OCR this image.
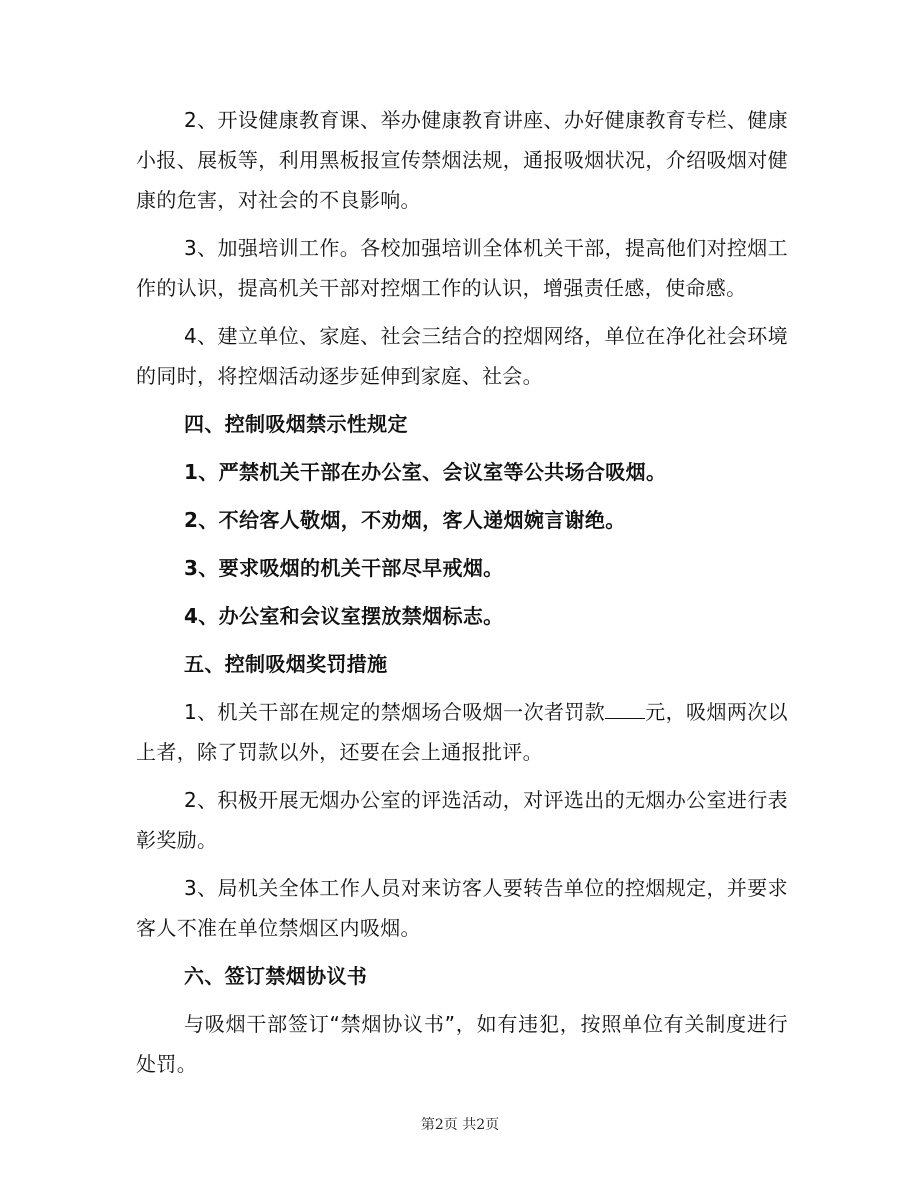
2、开设健康教育课、举办健康教育讲座、办好健康教育专栏、健康小报、展板等，利用黑板报宣传禁烟法规，通报吸烟状况，介绍吸烟对健康的危害，对社会的不良影响。

3、加强培训工作。各校加强培训全体机关干部，提高他们对控烟工作的认识，提高机关干部对控烟工作的认识，增强责任感，使命感。

4、建立单位、家庭、社会三结合的控烟网络，单位在净化社会环境的同时，将控烟活动逐步延伸到家庭、社会。

四、控制吸烟禁示性规定

1、严禁机关干部在办公室、会议室等公共场合吸烟。

2、不给客人敬烟，不劝烟，客人递烟婉言谢绝。

3、要求吸烟的机关干部尽早戒烟。

4、办公室和会议室摆放禁烟标志。

五、控制吸烟奖罚措施

1、机关干部在规定的禁烟场合吸烟一次者罚款 元，吸烟两次以上者，除了罚款以外，还要在会上通报批评。

2、积极开展无烟办公室的评选活动，对评选出的无烟办公室进行表彰奖励。

3、局机关全体工作人员对来访客人要转告单位的控烟规定，并要求客人不准在单位禁烟区内吸烟。

六、签订禁烟协议书

与吸烟干部签订“禁烟协议书”，如有违犯，按照单位有关制度进行处罚。

第2页 共2页
